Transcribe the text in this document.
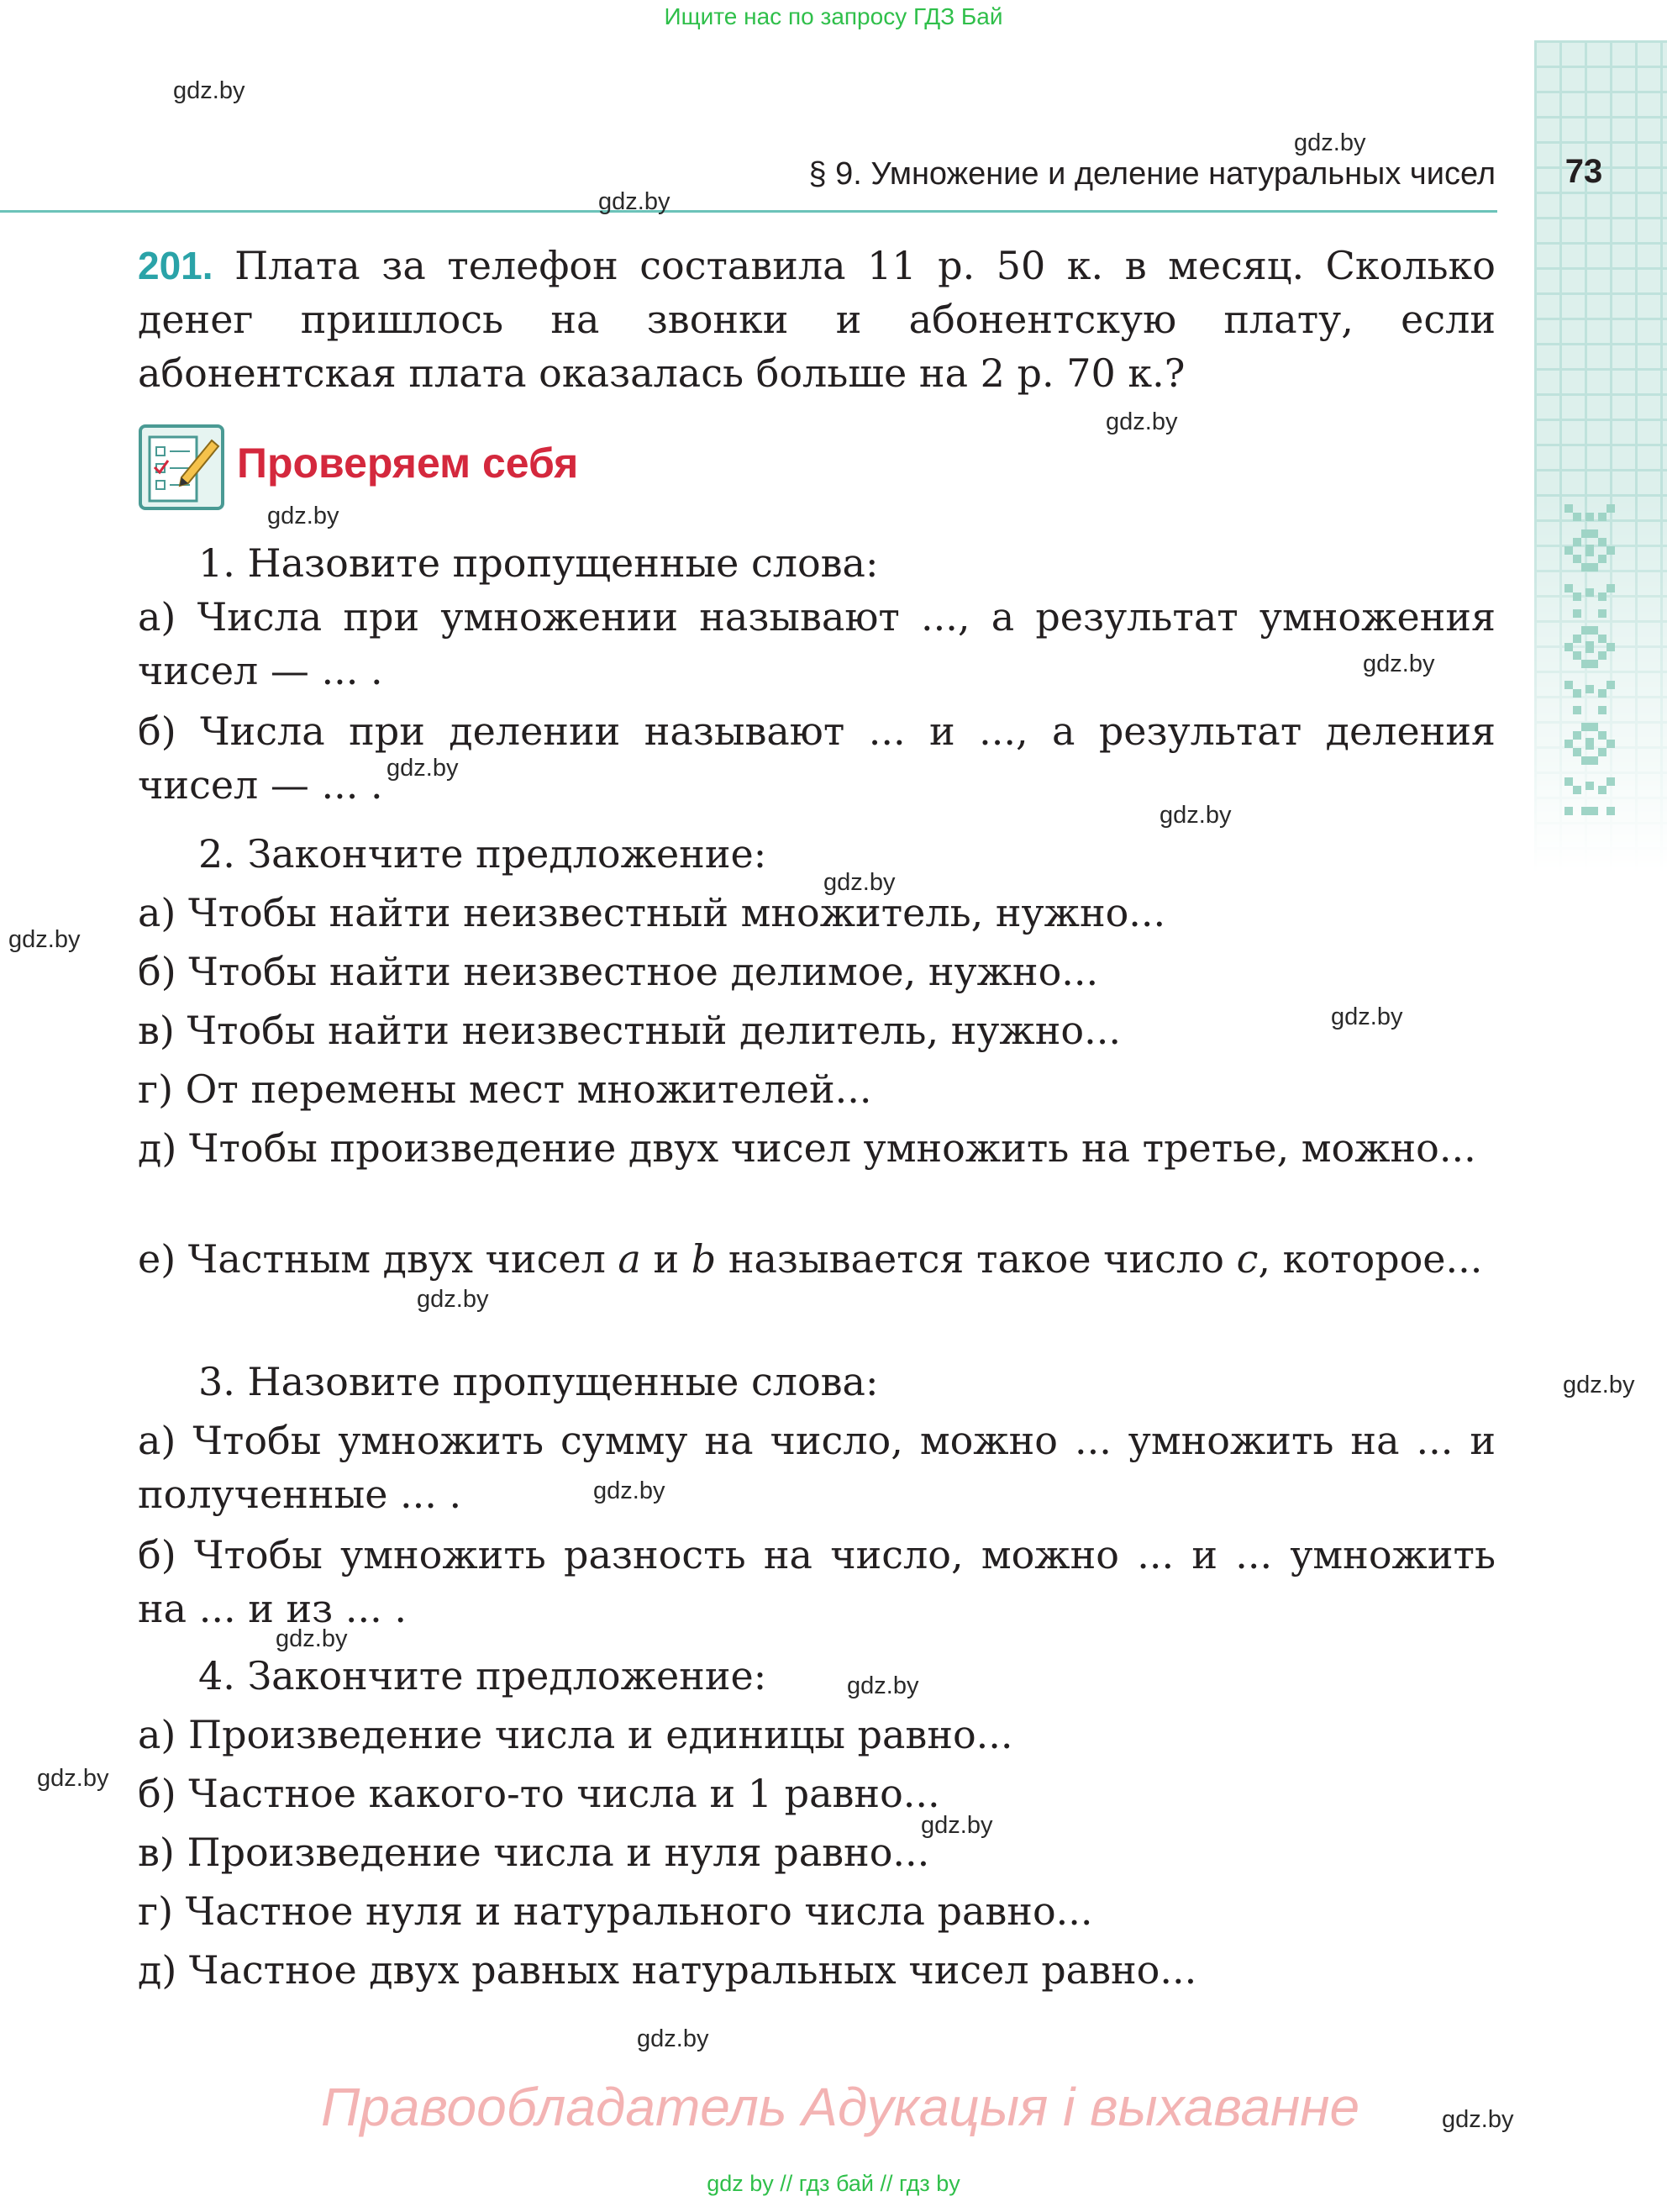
Ищите нас по запросу ГДЗ Бай
§ 9. Умножение и деление натуральных чисел	73

201. Плата за телефон составила 11 р. 50 к. в месяц. Сколько денег пришлось на звонки и абонентскую плату, если абонентская плата оказалась больше на 2 р. 70 к.?

Проверяем себя

1. Назовите пропущенные слова:

а) Числа при умножении называют ..., а результат умножения чисел — ... .

б) Числа при делении называют ... и ..., а результат деления чисел — ... .

2. Закончите предложение:

а) Чтобы найти неизвестный множитель, нужно...

б) Чтобы найти неизвестное делимое, нужно...

в) Чтобы найти неизвестный делитель, нужно...

г) От перемены мест множителей...

д) Чтобы произведение двух чисел умножить на третье, можно...

е) Частным двух чисел a и b называется такое число c, которое...

3. Назовите пропущенные слова:

а) Чтобы умножить сумму на число, можно ... умножить на ... и полученные ... .

б) Чтобы умножить разность на число, можно ... и ... умножить на ... и из ... .

4. Закончите предложение:

а) Произведение числа и единицы равно...

б) Частное какого-то числа и 1 равно...

в) Произведение числа и нуля равно...

г) Частное нуля и натурального числа равно...

д) Частное двух равных натуральных чисел равно...

gdz.by
gdz.by
gdz.by
gdz.by
gdz.by
gdz.by
gdz.by
gdz.by
gdz.by
gdz.by
gdz.by
gdz.by
gdz.by
gdz.by
gdz.by
gdz.by
gdz.by
gdz.by
gdz.by
gdz.by
Правообладатель Адукацыя і выхаванне
gdz by // гдз бай // гдз by
